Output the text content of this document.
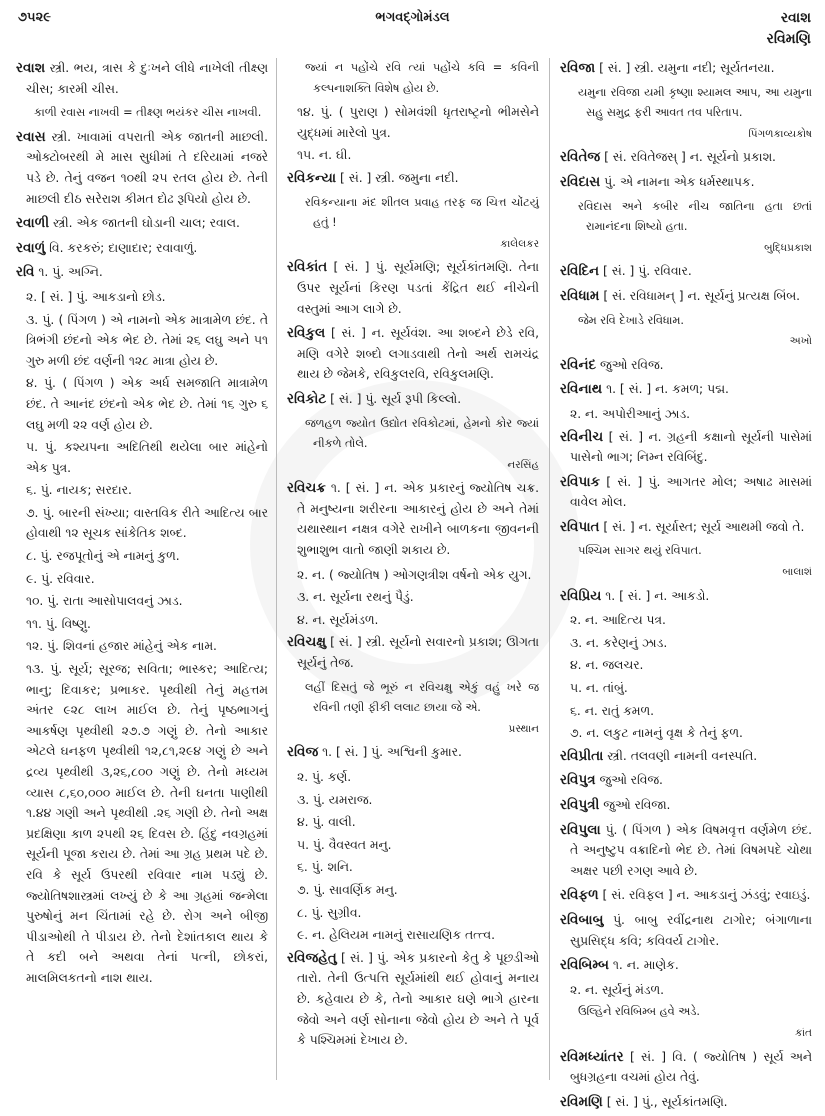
૭૫૨૯	ભગવદ્ગોમંડલ	રવાશ
રવિમણિ

રવાશ સ્ત્રી. ભય, ત્રાસ કે દુઃખને લીધે નાખેલી તીક્ષ્ણ ચીસ; કારમી ચીસ.

કાળી રવાસ નાખવી = તીક્ષ્ણ ભયંકર ચીસ નાખવી.

રવાસ સ્ત્રી. ખાવામાં વપરાતી એક જાતની માછલી. ઓક્ટોબરથી મે માસ સુધીમાં તે દરિયામાં નજરે પડે છે. તેનું વજન ૧૦થી ૨૫ રતલ હોય છે. તેની માછલી દીઠ સરેરાશ કીમત દોઢ રૂપિયો હોય છે.

રવાળી સ્ત્રી. એક જાતની ઘોડાની ચાલ; રવાલ.

રવાળું વિ. કરકરું; દાણાદાર; રવાવાળું.

રવિ ૧. પું. અગ્નિ.

૨. [ સં. ] પું. આકડાનો છોડ.

૩. પું. ( પિંગળ ) એ નામનો એક માત્રામેળ છંદ. તે ત્રિભંગી છંદનો એક ભેદ છે. તેમાં ૨૬ લઘુ અને ૫૧ ગુરુ મળી છંદ વર્ણની ૧૨૮ માત્રા હોય છે.

૪. પું. ( પિંગળ ) એક અર્ધ સમજાતિ માત્રામેળ છંદ. તે આનંદ છંદનો એક ભેદ છે. તેમાં ૧૬ ગુરુ ૬ લઘુ મળી ૨૨ વર્ણ હોય છે.

૫. પું. કશ્યપના અદિતિથી થયેલા બાર માંહેનો એક પુત્ર.

૬. પું. નાયક; સરદાર.

૭. પું. બારની સંખ્યા; વાસ્તવિક રીતે આદિત્ય બાર હોવાથી ૧૨ સૂચક સાંકેતિક શબ્દ.

૮. પું. રજપૂતોનું એ નામનું કુળ.

૯. પું. રવિવાર.

૧૦. પું. રાતા આસોપાલવનું ઝાડ.

૧૧. પું. વિષ્ણુ.

૧૨. પું. શિવનાં હજાર માંહેનું એક નામ.

૧૩. પું. સૂર્ય; સૂરજ; સવિતા; ભાસ્કર; આદિત્ય; ભાનુ; દિવાકર; પ્રભાકર. પૃથ્વીથી તેનું મહત્તમ અંતર ૯૨૮ લાખ માઈલ છે. તેનું પૃષ્ઠભાગનું આકર્ષણ પૃથ્વીથી ૨૭.૭ ગણું છે. તેનો આકાર એટલે ઘનફળ પૃથ્વીથી ૧૨,૮૧,૨૯૪ ગણું છે અને દ્રવ્ય પૃથ્વીથી ૩,૨૬,૮૦૦ ગણું છે. તેનો મધ્યમ વ્યાસ ૮,૬૦,૦૦૦ માઈલ છે. તેની ઘનતા પાણીથી ૧.૪૪ ગણી અને પૃથ્વીથી .૨૬ ગણી છે. તેનો અક્ષ પ્રદક્ષિણા કાળ ૨૫થી ૨૬ દિવસ છે. હિંદુ નવગ્રહમાં સૂર્યની પૂજા કરાય છે. તેમાં આ ગ્રહ પ્રથમ પદે છે. રવિ કે સૂર્ય ઉપરથી રવિવાર નામ પડ્યું છે. જ્યોતિષશાસ્ત્રમાં લખ્યું છે કે આ ગ્રહમાં જન્મેલા પુરુષોનું મન ચિંતામાં રહે છે. રોગ અને બીજી પીડાઓથી તે પીડાય છે. તેનો દેશાંતકાલ થાય કે તે કદી બને અથવા તેનાં પત્ની, છોકરાં, માલમિલકતનો નાશ થાય.

જ્યાં ન પહોંચે રવિ ત્યાં પહોંચે કવિ = કવિની કલ્પનાશક્તિ વિશેષ હોય છે.

૧૪. પું. ( પુરાણ ) સોમવંશી ધૃતરાષ્ટ્રનો ભીમસેને યુદ્ધમાં મારેલો પુત્ર.

૧૫. ન. ઘી.

રવિકન્યા [ સં. ] સ્ત્રી. જમુના નદી.

રવિકન્યાના મંદ શીતલ પ્રવાહ તરફ જ ચિત્ત ચોંટયું હતું !
કાલેલકર

રવિકાંત [ સં. ] પું. સૂર્યમણિ; સૂર્યકાંતમણિ. તેના ઉપર સૂર્યનાં કિરણ પડતાં કેંદ્રિત થઈ નીચેની વસ્તુમાં આગ લાગે છે.

રવિકુલ [ સં. ] ન. સૂર્યવંશ. આ શબ્દને છેડે રવિ, મણિ વગેરે શબ્દો લગાડવાથી તેનો અર્થ રામચંદ્ર થાય છે જેમકે, રવિકુલરવિ, રવિકુલમણિ.

રવિકોટ [ સં. ] પું. સૂર્ય રૂપી કિલ્લો.

જળહળ જ્યોત ઉદ્યોત રવિકોટમાં, હેમનો કોર જ્યાં નીકળે તોલે.
નરસિંહ

રવિચક્ર ૧. [ સં. ] ન. એક પ્રકારનું જ્યોતિષ ચક્ર. તે મનુષ્યના શરીરના આકારનું હોય છે અને તેમાં યથાસ્થાન નક્ષત્ર વગેરે રાખીને બાળકના જીવનની શુભાશુભ વાતો જાણી શકાય છે.

૨. ન. ( જ્યોતિષ ) ઓગણત્રીશ વર્ષનો એક યુગ.

૩. ન. સૂર્યના રથનું પૈડું.

૪. ન. સૂર્યમંડળ.

રવિચક્ષુ [ સં. ] સ્ત્રી. સૂર્યનો સવારનો પ્રકાશ; ઊગતા સૂર્યનું તેજ.

લહીં દિસતું જે ભૂરું ન રવિચક્ષુ એકું વહું ખરે જ રવિની તણી ફીકી લલાટ છાયા જે એ.
પ્રસ્થાન

રવિજ ૧. [ સં. ] પું. અશ્વિની કુમાર.

૨. પું. કર્ણ.

૩. પું. યમરાજ.

૪. પું. વાલી.

૫. પું. વૈવસ્વત મનુ.

૬. પું. શનિ.

૭. પું. સાવર્ણિક મનુ.

૮. પું. સુગ્રીવ.

૯. ન. હેલિયમ નામનું રાસાયણિક તત્ત્વ.

રવિજહેતુ [ સં. ] પું. એક પ્રકારનો કેતુ કે પૂછડીઓ તારો. તેની ઉત્પત્તિ સૂર્યમાંથી થઈ હોવાનું મનાય છે. કહેવાય છે કે, તેનો આકાર ઘણે ભાગે હારના જેવો અને વર્ણ સોનાના જેવો હોય છે અને તે પૂર્વ કે પશ્ચિમમાં દેખાય છે.

રવિજા [ સં. ] સ્ત્રી. યમુના નદી; સૂર્યતનયા.

યમુના રવિજા યમી કૃષ્ણા શ્યામલ આપ, આ યમુના સહુ સમુદ્ર ફરી આવત તવ પરિતાપ.
પિંગળકાવ્યકોષ

રવિતેજ [ સં. રવિતેજસ્ ] ન. સૂર્યનો પ્રકાશ.

રવિદાસ પું. એ નામના એક ધર્મસ્થાપક.

રવિદાસ અને કબીર નીચ જાતિના હતા છતાં રામાનંદના શિષ્યો હતા.
બુદ્ધિપ્રકાશ

રવિદિન [ સં. ] પું. રવિવાર.

રવિધામ [ સં. રવિધામન્ ] ન. સૂર્યનું પ્રત્યક્ષ બિંબ.

જેમ રવિ દેખાડે રવિધામ.
અખો

રવિનંદ જુઓ રવિજ.

રવિનાથ ૧. [ સં. ] ન. કમળ; પદ્મ.

૨. ન. અપોરીઆનું ઝાડ.

રવિનીચ [ સં. ] ન. ગ્રહની કક્ષાનો સૂર્યની પાસેમાં પાસેનો ભાગ; નિમ્ન રવિબિંદુ.

રવિપાક [ સં. ] પું. આગતર મોલ; અષાઢ માસમાં વાવેલ મોલ.

રવિપાત [ સં. ] ન. સૂર્યાસ્ત; સૂર્ય આથમી જવો તે.

પશ્ચિમ સાગર થયું રવિપાત.
બાલાશં

રવિપ્રિય ૧. [ સં. ] ન. આકડો.

૨. ન. આદિત્ય પત્ર.

૩. ન. કરેણનું ઝાડ.

૪. ન. જલચર.

૫. ન. તાંબું.

૬. ન. રાતું કમળ.

૭. ન. લકુટ નામનું વૃક્ષ કે તેનું ફળ.

રવિપ્રીતા સ્ત્રી. તલવણી નામની વનસ્પતિ.

રવિપુત્ર જુઓ રવિજ.

રવિપુત્રી જુઓ રવિજા.

રવિપુલા પું. ( પિંગળ ) એક વિષમવૃત્ત વર્ણમેળ છંદ. તે અનુષ્ટુપ વક્રાદિનો ભેદ છે. તેમાં વિષમપદે ચોથા અક્ષર પછી રગણ આવે છે.

રવિફળ [ સં. રવિફલ ] ન. આકડાનું ઝંડવું; રવાઇડું.

રવિબાબુ પું. બાબુ રવીંદ્રનાથ ટાગોર; બંગાળાના સુપ્રસિદ્ધ કવિ; કવિવર્ય ટાગોર.

રવિબિમ્બ ૧. ન. માણેક.

૨. ન. સૂર્યનું મંડળ.

ઉલ્હિને રવિબિમ્બ હવે અડે.
કાંત

રવિમધ્યાંતર [ સં. ] વિ. ( જ્યોતિષ ) સૂર્ય અને બુધગ્રહના વચમાં હોય તેવું.

રવિમણિ [ સં. ] પું., સૂર્યકાંતમણિ.
